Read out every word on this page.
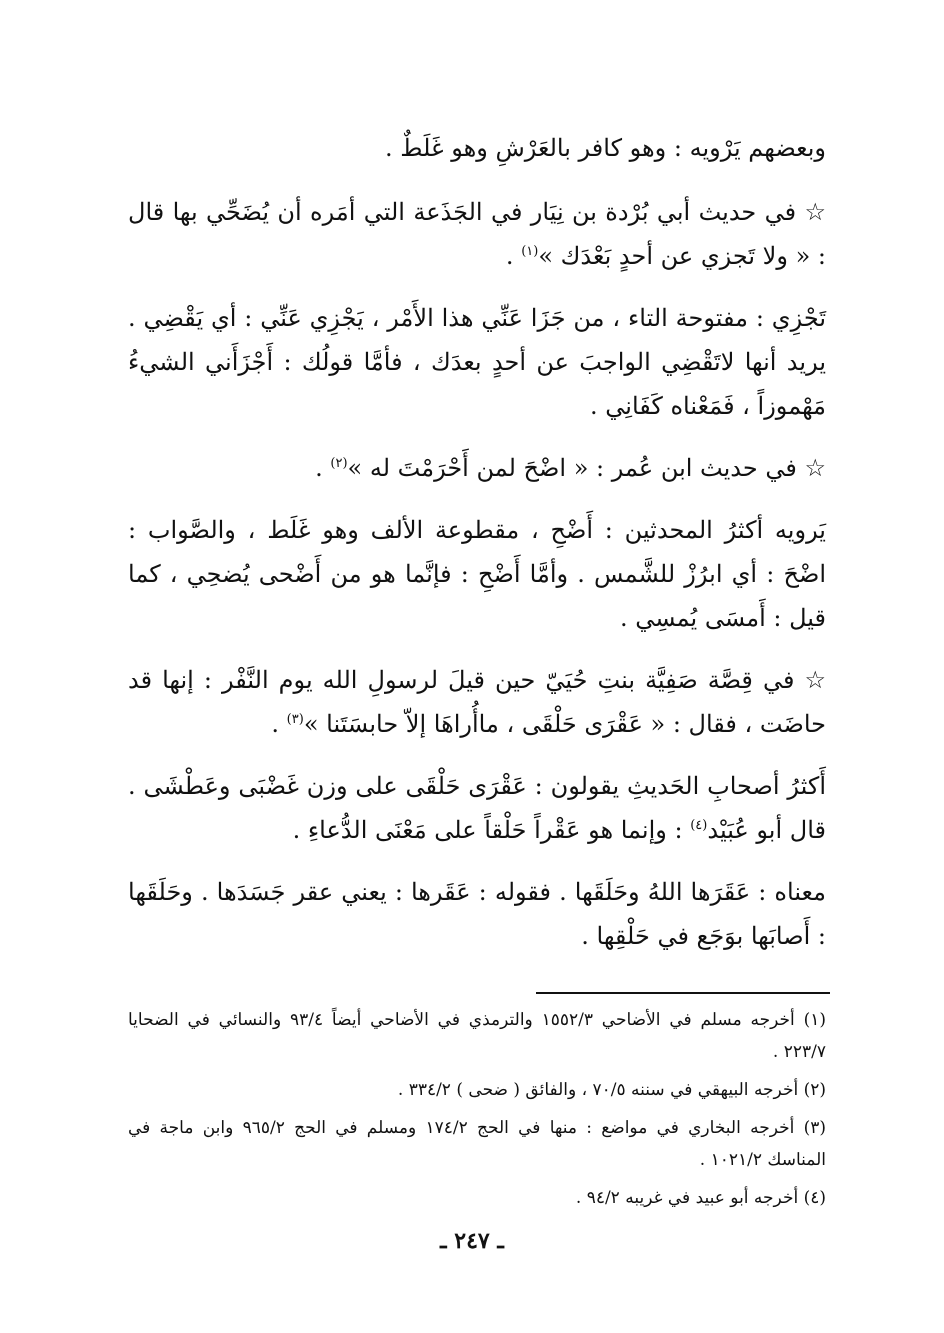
وبعضهم يَرْويه : وهو كافر بالعَرْشِ وهو غَلَطٌ .

☆ في حديث أبي بُرْدة بن نِيَار في الجَذَعة التي أمَره أن يُضَحِّي بها قال : « ولا تَجزي عن أحدٍ بَعْدَك »$^{(١)}$ .

تَجْزِي : مفتوحة التاء ، من جَزَا عَنِّي هذا الأَمْر ، يَجْزِي عَنِّي : أي يَقْضِي . يريد أنها لاتَقْضِي الواجبَ عن أحدٍ بعدَك ، فأمَّا قولُك : أَجْزَأَني الشيءُ مَهْموزاً ، فَمَعْناه كَفَانِي .

☆ في حديث ابن عُمر : « اضْحَ لمن أَحْرَمْتَ له »$^{(٢)}$ .

يَرويه أكثرُ المحدثين : أَضْحِ ، مقطوعة الألف وهو غَلَط ، والصَّواب : اضْحَ : أي ابرُزْ للشَّمس . وأمَّا أَضْحِ : فإنَّما هو من أَضْحى يُضحِي ، كما قيل : أَمسَى يُمسِي .

☆ في قِصَّة صَفِيَّة بنتِ حُيَيّ حين قيلَ لرسولِ الله يوم النَّفْر : إنها قد حاضَت ، فقال : « عَقْرَى حَلْقَى ، ماأُراهَا إلاّ حابسَتَنا »$^{(٣)}$ .

أَكثرُ أصحابِ الحَديثِ يقولون : عَقْرَى حَلْقَى على وزن غَضْبَى وعَطْشَى . قال أبو عُبَيْد$^{(٤)}$ : وإنما هو عَقْراً حَلْقاً على مَعْنَى الدُّعاءِ .

معناه : عَقَرَها اللهُ وحَلَقَها . فقوله : عَقَرها : يعني عقر جَسَدَها . وحَلَقَها : أَصابَها بوَجَع في حَلْقِها .

(١) أخرجه مسلم في الأضاحي ١٥٥٢/٣ والترمذي في الأضاحي أيضاً ٩٣/٤ والنسائي في الضحايا ٢٢٣/٧ .

(٢) أخرجه البيهقي في سننه ٧٠/٥ ، والفائق ( ضحى ) ٣٣٤/٢ .

(٣) أخرجه البخاري في مواضع : منها في الحج ١٧٤/٢ ومسلم في الحج ٩٦٥/٢ وابن ماجة في المناسك ١٠٢١/٢ .

(٤) أخرجه أبو عبيد في غريبه ٩٤/٢ .

ـ ٢٤٧ ـ
